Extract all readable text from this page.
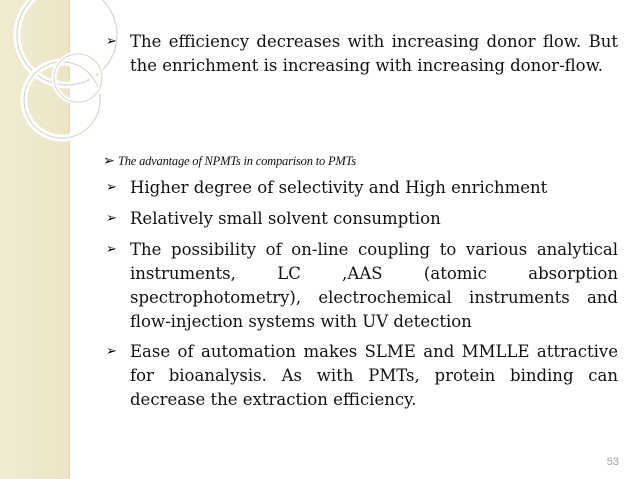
➢ The efficiency decreases with increasing donor flow. But the enrichment is increasing with increasing donor-flow.
➢ The advantage of NPMTs in comparison to PMTs
➢ Higher degree of selectivity and High enrichment
➢ Relatively small solvent consumption
➢ The possibility of on-line coupling to various analytical instruments, LC ,AAS (atomic absorption spectrophotometry), electrochemical instruments and flow-injection systems with UV detection
➢ Ease of automation makes SLME and MMLLE attractive for bioanalysis. As with PMTs, protein binding can decrease the extraction efficiency.
53
